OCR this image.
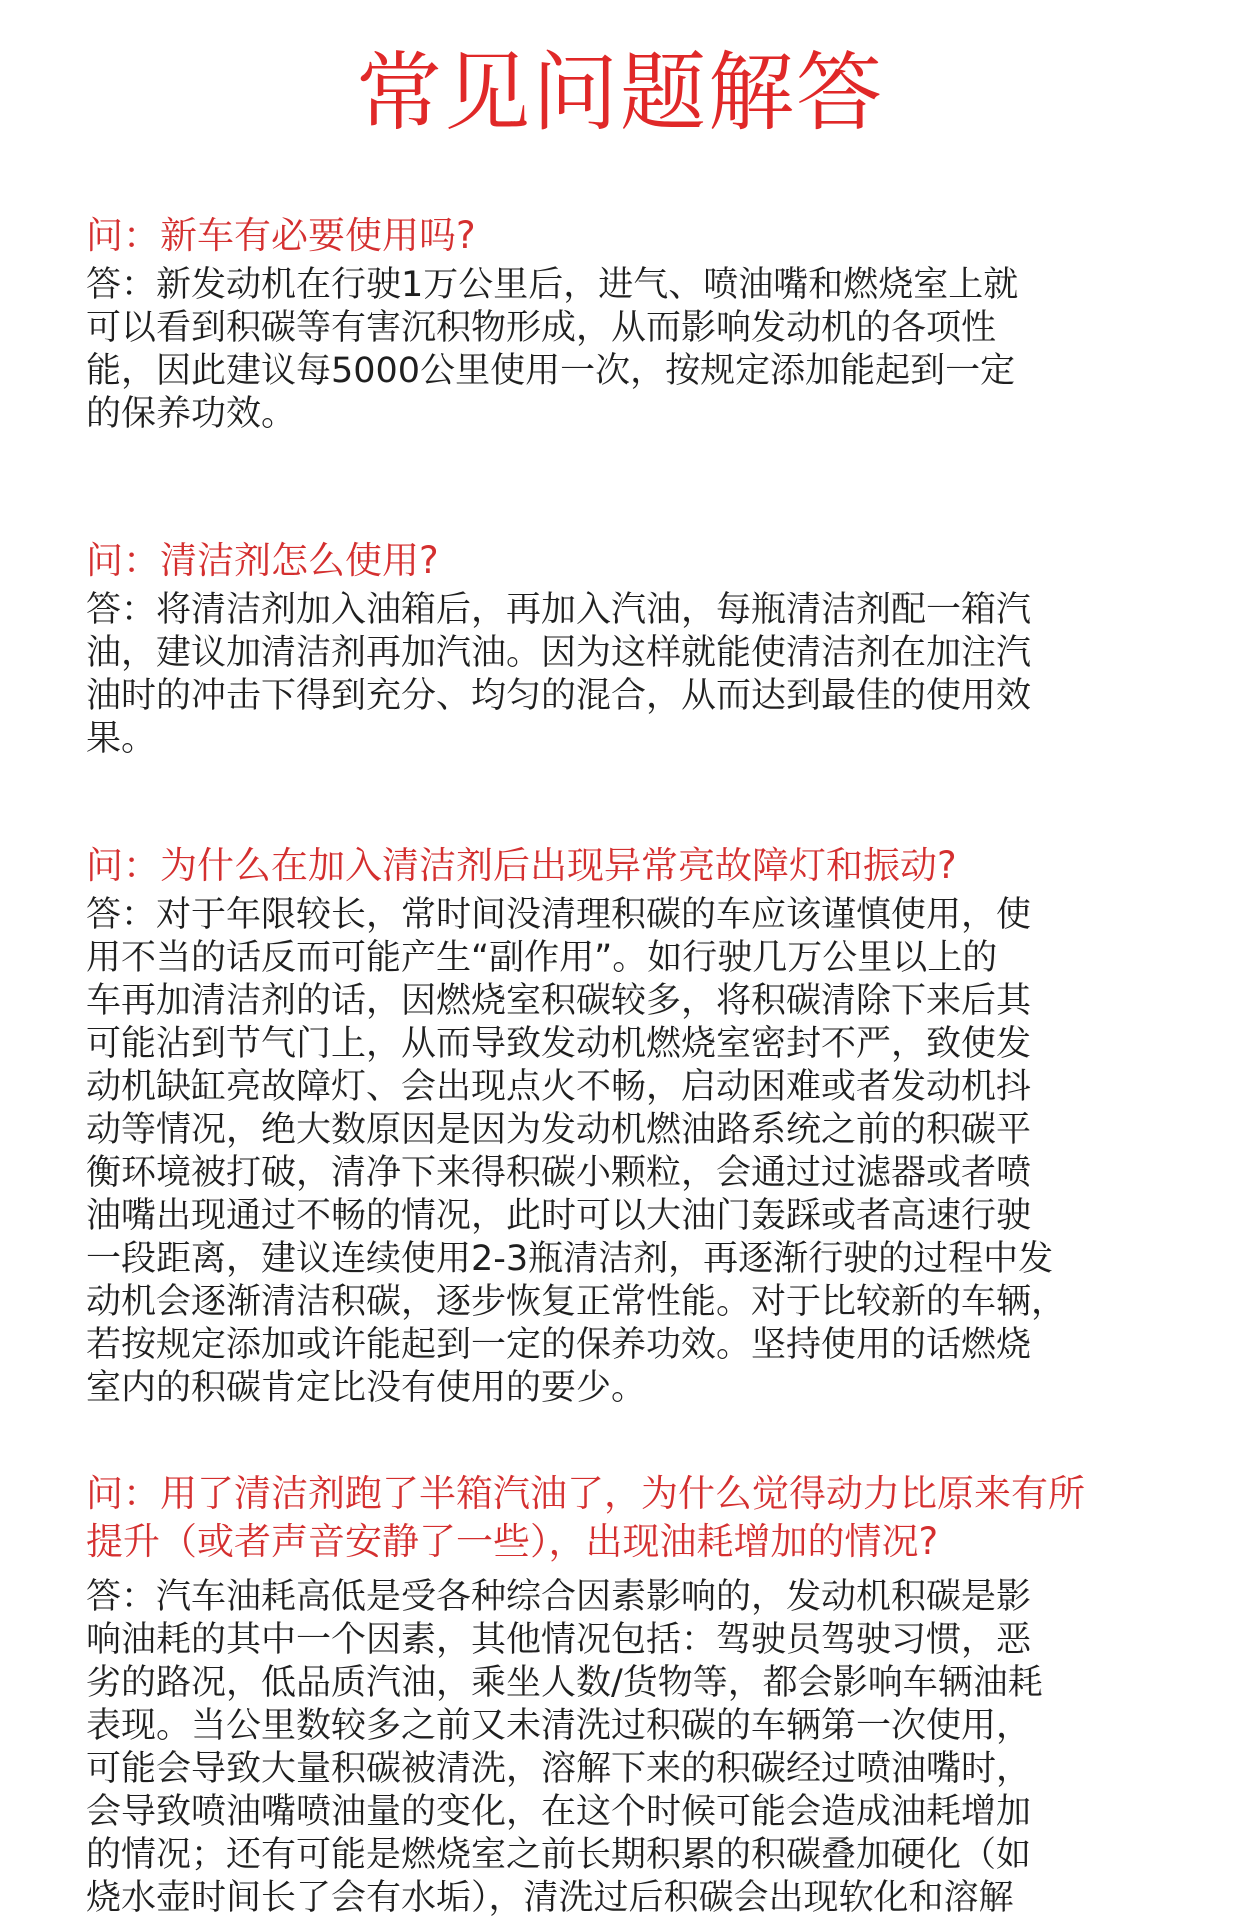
常见问题解答

问：新车有必要使用吗?

答：新发动机在行驶1万公里后，进气、喷油嘴和燃烧室上就
可以看到积碳等有害沉积物形成，从而影响发动机的各项性
能，因此建议每5000公里使用一次，按规定添加能起到一定
的保养功效。

问：清洁剂怎么使用?

答：将清洁剂加入油箱后，再加入汽油，每瓶清洁剂配一箱汽
油，建议加清洁剂再加汽油。因为这样就能使清洁剂在加注汽
油时的冲击下得到充分、均匀的混合，从而达到最佳的使用效
果。

问：为什么在加入清洁剂后出现异常亮故障灯和振动?

答：对于年限较长，常时间没清理积碳的车应该谨慎使用，使
用不当的话反而可能产生“副作用”。如行驶几万公里以上的
车再加清洁剂的话，因燃烧室积碳较多，将积碳清除下来后其
可能沾到节气门上，从而导致发动机燃烧室密封不严，致使发
动机缺缸亮故障灯、会出现点火不畅，启动困难或者发动机抖
动等情况，绝大数原因是因为发动机燃油路系统之前的积碳平
衡环境被打破，清净下来得积碳小颗粒，会通过过滤器或者喷
油嘴出现通过不畅的情况，此时可以大油门轰踩或者高速行驶
一段距离，建议连续使用2-3瓶清洁剂，再逐渐行驶的过程中发
动机会逐渐清洁积碳，逐步恢复正常性能。对于比较新的车辆，
若按规定添加或许能起到一定的保养功效。坚持使用的话燃烧
室内的积碳肯定比没有使用的要少。

问：用了清洁剂跑了半箱汽油了，为什么觉得动力比原来有所
提升（或者声音安静了一些），出现油耗增加的情况?

答：汽车油耗高低是受各种综合因素影响的，发动机积碳是影
响油耗的其中一个因素，其他情况包括：驾驶员驾驶习惯，恶
劣的路况，低品质汽油，乘坐人数/货物等，都会影响车辆油耗
表现。当公里数较多之前又未清洗过积碳的车辆第一次使用，
可能会导致大量积碳被清洗，溶解下来的积碳经过喷油嘴时，
会导致喷油嘴喷油量的变化，在这个时候可能会造成油耗增加
的情况；还有可能是燃烧室之前长期积累的积碳叠加硬化（如
烧水壶时间长了会有水垢），清洗过后积碳会出现软化和溶解
